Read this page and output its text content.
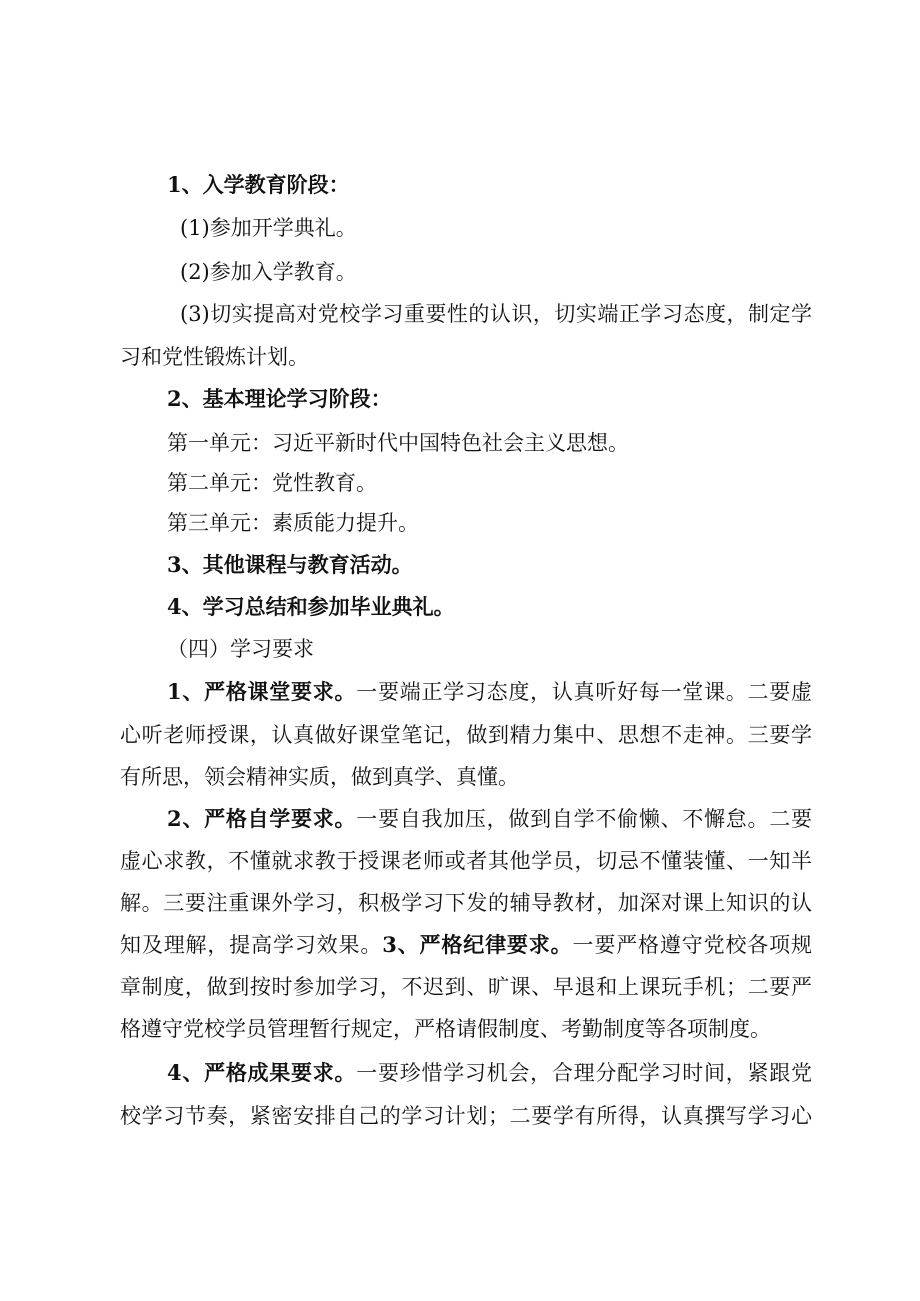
1、入学教育阶段：

(1)参加开学典礼。

(2)参加入学教育。

(3)切实提高对党校学习重要性的认识，切实端正学习态度，制定学

习和党性锻炼计划。

2、基本理论学习阶段：

第一单元：习近平新时代中国特色社会主义思想。

第二单元：党性教育。

第三单元：素质能力提升。

3、其他课程与教育活动。

4、学习总结和参加毕业典礼。

（四）学习要求

1、严格课堂要求。一要端正学习态度，认真听好每一堂课。二要虚

心听老师授课，认真做好课堂笔记，做到精力集中、思想不走神。三要学

有所思，领会精神实质，做到真学、真懂。

2、严格自学要求。一要自我加压，做到自学不偷懒、不懈怠。二要

虚心求教，不懂就求教于授课老师或者其他学员，切忌不懂装懂、一知半

解。三要注重课外学习，积极学习下发的辅导教材，加深对课上知识的认

知及理解，提高学习效果。3、严格纪律要求。一要严格遵守党校各项规

章制度，做到按时参加学习，不迟到、旷课、早退和上课玩手机；二要严

格遵守党校学员管理暂行规定，严格请假制度、考勤制度等各项制度。

4、严格成果要求。一要珍惜学习机会，合理分配学习时间，紧跟党

校学习节奏，紧密安排自己的学习计划；二要学有所得，认真撰写学习心
